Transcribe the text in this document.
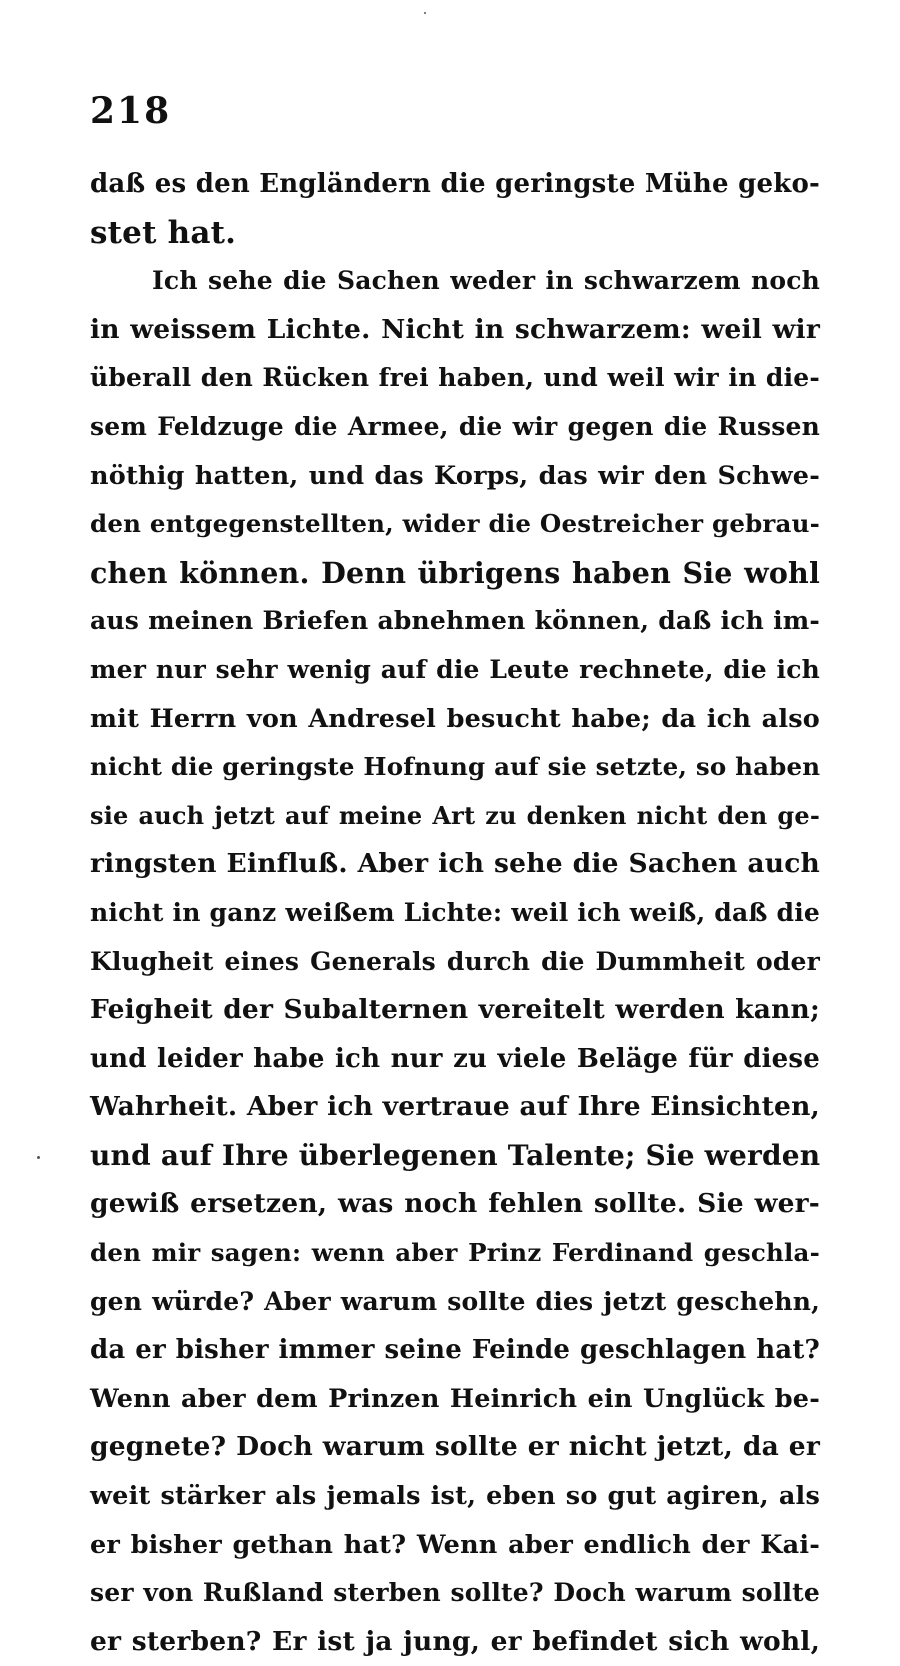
218
daß es den Engländern die geringste Mühe geko-
stet hat.
Ich sehe die Sachen weder in schwarzem noch
in weissem Lichte. Nicht in schwarzem: weil wir
überall den Rücken frei haben, und weil wir in die-
sem Feldzuge die Armee, die wir gegen die Russen
nöthig hatten, und das Korps, das wir den Schwe-
den entgegenstellten, wider die Oestreicher gebrau-
chen können. Denn übrigens haben Sie wohl
aus meinen Briefen abnehmen können, daß ich im-
mer nur sehr wenig auf die Leute rechnete, die ich
mit Herrn von Andresel besucht habe; da ich also
nicht die geringste Hofnung auf sie setzte, so haben
sie auch jetzt auf meine Art zu denken nicht den ge-
ringsten Einfluß. Aber ich sehe die Sachen auch
nicht in ganz weißem Lichte: weil ich weiß, daß die
Klugheit eines Generals durch die Dummheit oder
Feigheit der Subalternen vereitelt werden kann;
und leider habe ich nur zu viele Beläge für diese
Wahrheit. Aber ich vertraue auf Ihre Einsichten,
und auf Ihre überlegenen Talente; Sie werden
gewiß ersetzen, was noch fehlen sollte. Sie wer-
den mir sagen: wenn aber Prinz Ferdinand geschla-
gen würde? Aber warum sollte dies jetzt geschehn,
da er bisher immer seine Feinde geschlagen hat?
Wenn aber dem Prinzen Heinrich ein Unglück be-
gegnete? Doch warum sollte er nicht jetzt, da er
weit stärker als jemals ist, eben so gut agiren, als
er bisher gethan hat? Wenn aber endlich der Kai-
ser von Rußland sterben sollte? Doch warum sollte
er sterben? Er ist ja jung, er befindet sich wohl,
